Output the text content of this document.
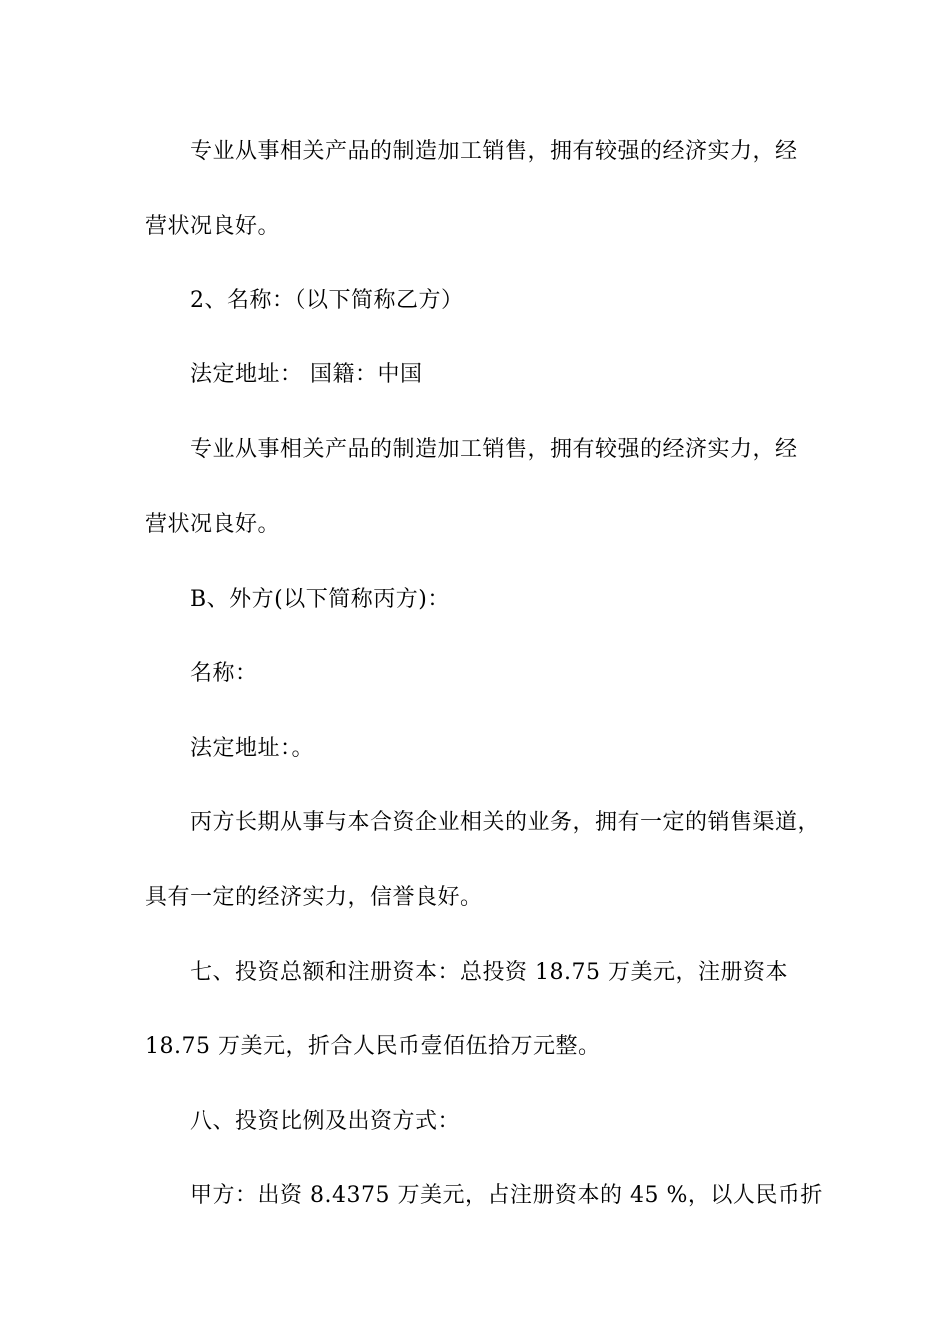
专业从事相关产品的制造加工销售，拥有较强的经济实力，经
营状况良好。
2、名称：（以下简称乙方）
法定地址： 国籍：中国
专业从事相关产品的制造加工销售，拥有较强的经济实力，经
营状况良好。
B、外方(以下简称丙方)：
名称：
法定地址：。
丙方长期从事与本合资企业相关的业务，拥有一定的销售渠道，
具有一定的经济实力，信誉良好。
七、投资总额和注册资本：总投资 18.75 万美元，注册资本
18.75 万美元，折合人民币壹佰伍拾万元整。
八、投资比例及出资方式：
甲方：出资 8.4375 万美元，占注册资本的 45 %，以人民币折
